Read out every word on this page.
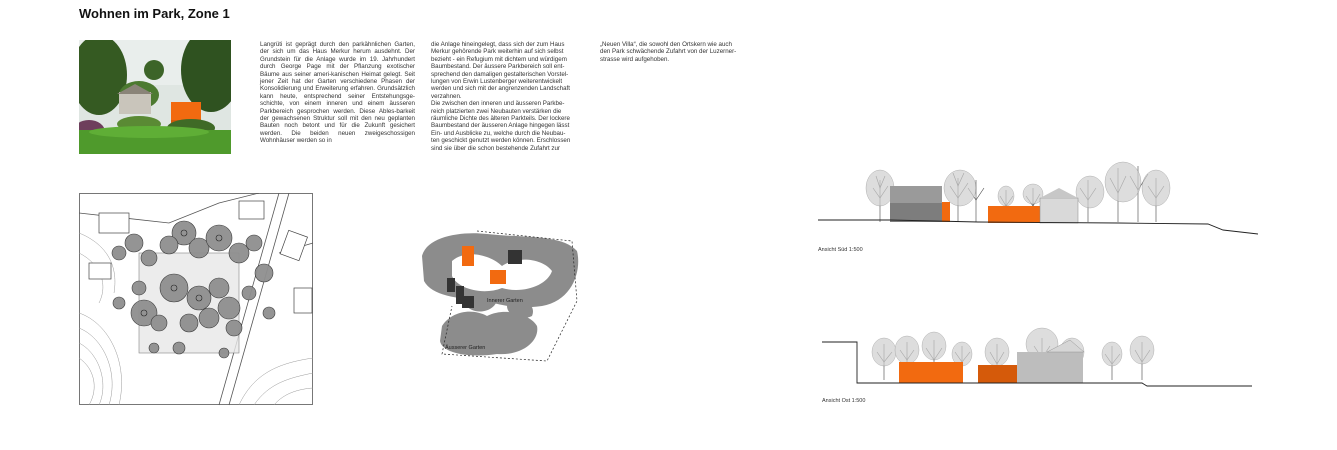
Wohnen im Park, Zone 1
Langrüti ist geprägt durch den parkähnlichen Garten, der sich um das Haus Merkur herum ausdehnt. Der Grundstein für die Anlage wurde im 19. Jahrhundert durch George Page mit der Pflanzung exotischer Bäume aus seiner ameri-kanischen Heimat gelegt. Seit jener Zeit hat der Garten verschiedene Phasen der Konsolidierung und Erweiterung erfahren. Grundsätzlich kann heute, entsprechend seiner Entstehungsge-schichte, von einem inneren und einem äusseren Parkbereich gesprochen werden. Diese Ables-barkeit der gewachsenen Struktur soll mit den neu geplanten Bauten noch betont und für die Zukunft gesichert werden. Die beiden neuen zweigeschossigen Wohnhäuser werden so in
die Anlage hineingelegt, dass sich der zum Haus
Merkur gehörende Park weiterhin auf sich selbst
bezieht - ein Refugium mit dichtem und würdigem
Baumbestand. Der äussere Parkbereich soll ent-
sprechend den damaligen gestalterischen Vorstel-
lungen von Erwin Lustenberger weiterentwickelt
werden und sich mit der angrenzenden Landschaft
verzahnen.
Die zwischen den inneren und äusseren Parkbe-
reich platzierten zwei Neubauten verstärken die
räumliche Dichte des älteren Parkteils. Der lockere
Baumbestand der äusseren Anlage hingegen lässt
Ein- und Ausblicke zu, welche durch die Neubau-
ten geschickt genutzt werden können. Erschlossen
sind sie über die schon bestehende Zufahrt zur
„Neuen Villa“, die sowohl den Ortskern wie auch
den Park schwächende Zufahrt von der Luzerner-
strasse wird aufgehoben.
Innerer Garten
Äusserer Garten
Ansicht Süd 1:500
Ansicht Ost 1:500
